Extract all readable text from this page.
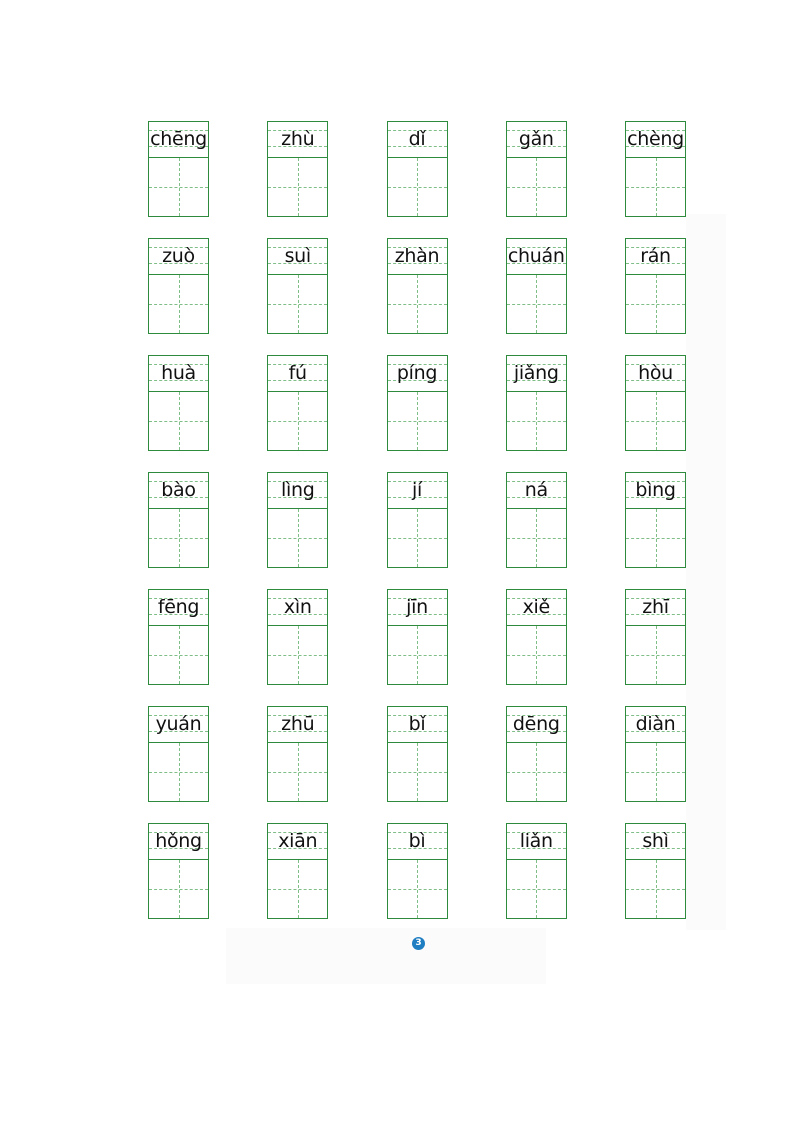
chēng	zhù	dǐ	gǎn	chèng
zuò	suì	zhàn	chuán	rán
huà	fú	píng	jiǎng	hòu
bào	lìng	jí	ná	bìng
fēng	xìn	jīn	xiě	zhī
yuán	zhū	bǐ	dēng	diàn
hǒng	xiān	bì	liǎn	shì
3
